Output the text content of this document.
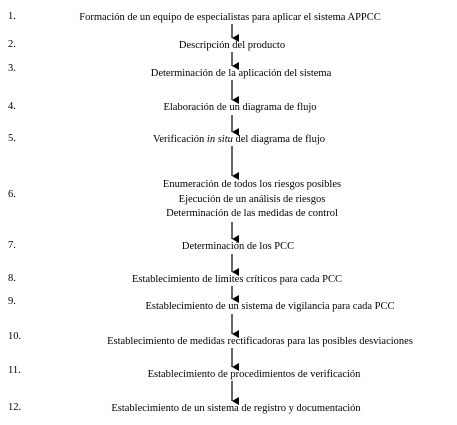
1.
2.
3.
4.
5.
6.
7.
8.
9.
10.
11.
12.
Formación de un equipo de especialistas para aplicar el sistema APPCC
Descripción del producto
Determinación de la aplicación del sistema
Elaboración de un diagrama de flujo
Verificación in situ del diagrama de flujo
Enumeración de todos los riesgos posibles
Ejecución de un análisis de riesgos
Determinación de las medidas de control
Determinación de los PCC
Establecimiento de límites críticos para cada PCC
Establecimiento de un sistema de vigilancia para cada PCC
Establecimiento de medidas rectificadoras para las posibles desviaciones
Establecimiento de procedimientos de verificación
Establecimiento de un sistema de registro y documentación
